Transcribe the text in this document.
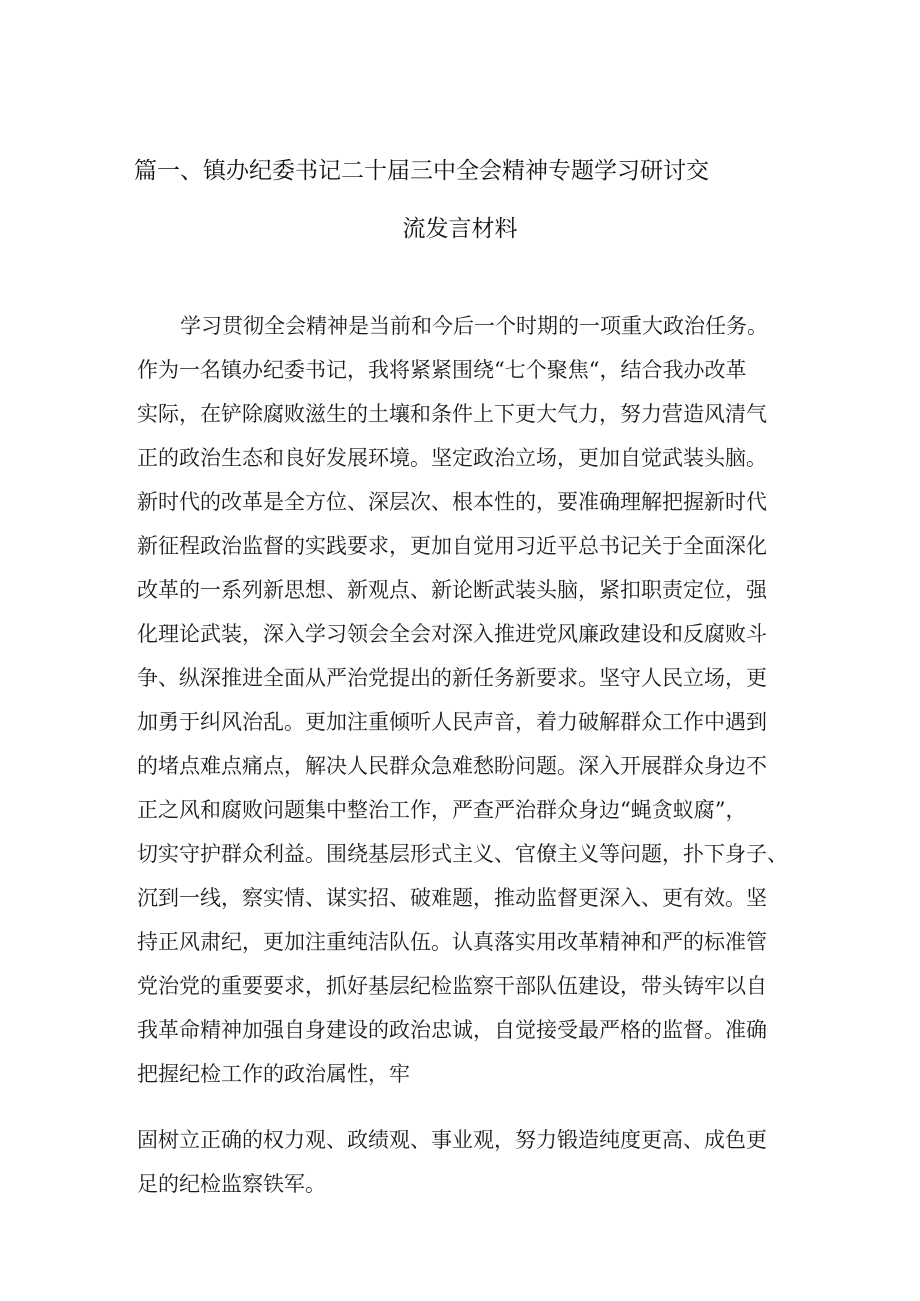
篇一、镇办纪委书记二十届三中全会精神专题学习研讨交
流发言材料
学习贯彻全会精神是当前和今后一个时期的一项重大政治任务。
作为一名镇办纪委书记，我将紧紧围绕“七个聚焦“，结合我办改革
实际，在铲除腐败滋生的土壤和条件上下更大气力，努力营造风清气
正的政治生态和良好发展环境。坚定政治立场，更加自觉武装头脑。
新时代的改革是全方位、深层次、根本性的，要准确理解把握新时代
新征程政治监督的实践要求，更加自觉用习近平总书记关于全面深化
改革的一系列新思想、新观点、新论断武装头脑，紧扣职责定位，强
化理论武装，深入学习领会全会对深入推进党风廉政建设和反腐败斗
争、纵深推进全面从严治党提出的新任务新要求。坚守人民立场，更
加勇于纠风治乱。更加注重倾听人民声音，着力破解群众工作中遇到
的堵点难点痛点，解决人民群众急难愁盼问题。深入开展群众身边不
正之风和腐败问题集中整治工作，严查严治群众身边“蝇贪蚁腐”，
切实守护群众利益。围绕基层形式主义、官僚主义等问题，扑下身子、
沉到一线，察实情、谋实招、破难题，推动监督更深入、更有效。坚
持正风肃纪，更加注重纯洁队伍。认真落实用改革精神和严的标准管
党治党的重要要求，抓好基层纪检监察干部队伍建设，带头铸牢以自
我革命精神加强自身建设的政治忠诚，自觉接受最严格的监督。准确
把握纪检工作的政治属性，牢
固树立正确的权力观、政绩观、事业观，努力锻造纯度更高、成色更
足的纪检监察铁军。
